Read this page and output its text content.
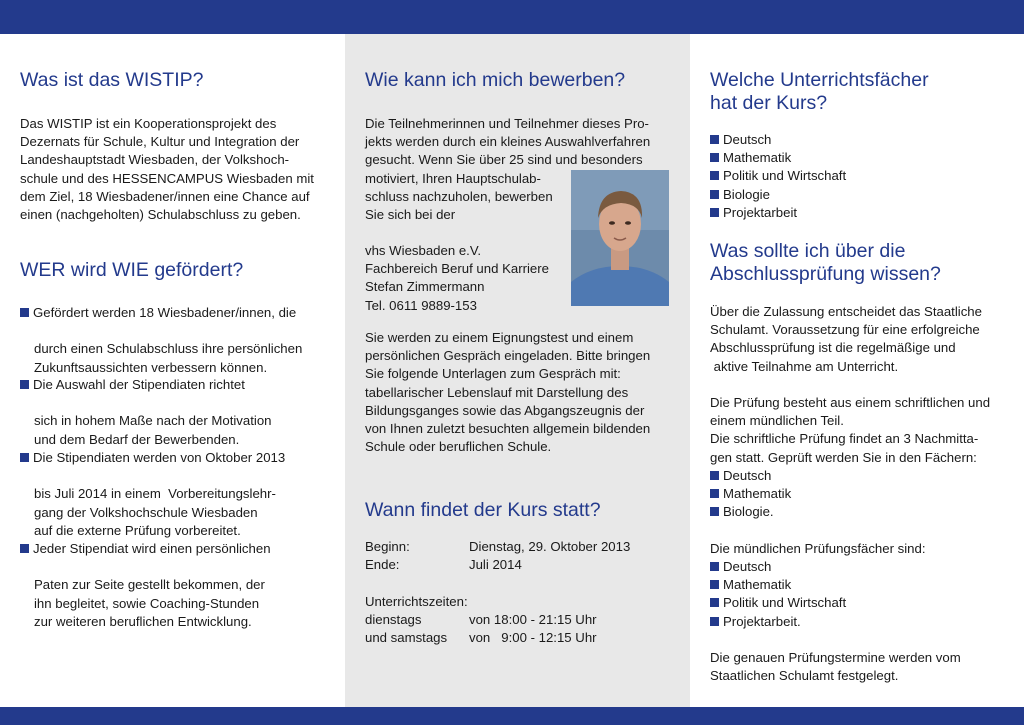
Was ist das WISTIP?

Das WISTIP ist ein Kooperationsprojekt des
Dezernats für Schule, Kultur und Integration der
Landeshauptstadt Wiesbaden, der Volkshoch-
schule und des HESSENCAMPUS Wiesbaden mit
dem Ziel, 18 Wiesbadener/innen eine Chance auf
einen (nachgeholten) Schulabschluss zu geben.

WER wird WIE gefördert?
Gefördert werden 18 Wiesbadener/innen, die

durch einen Schulabschluss ihre persönlichen
Zukunftsaussichten verbessern können.
Die Auswahl der Stipendiaten richtet

sich in hohem Maße nach der Motivation
und dem Bedarf der Bewerbenden.
Die Stipendiaten werden von Oktober 2013

bis Juli 2014 in einem  Vorbereitungslehr-
gang der Volkshochschule Wiesbaden
auf die externe Prüfung vorbereitet.
Jeder Stipendiat wird einen persönlichen

Paten zur Seite gestellt bekommen, der
ihn begleitet, sowie Coaching-Stunden
zur weiteren beruflichen Entwicklung.
Wie kann ich mich bewerben?

Die Teilnehmerinnen und Teilnehmer dieses Pro-
jekts werden durch ein kleines Auswahlverfahren
gesucht. Wenn Sie über 25 sind und besonders
motiviert, Ihren Hauptschulab-
schluss nachzuholen, bewerben
Sie sich bei der

vhs Wiesbaden e.V.
Fachbereich Beruf und Karriere
Stefan Zimmermann
Tel. 0611 9889-153

Sie werden zu einem Eignungstest und einem
persönlichen Gespräch eingeladen. Bitte bringen
Sie folgende Unterlagen zum Gespräch mit:
tabellarischer Lebenslauf mit Darstellung des
Bildungsganges sowie das Abgangszeugnis der
von Ihnen zuletzt besuchten allgemein bildenden
Schule oder beruflichen Schule.

Wann findet der Kurs statt?
Beginn:	Dienstag, 29. Oktober 2013
Ende:	Juli 2014
Unterrichtszeiten:
dienstags	von 18:00 - 21:15 Uhr
und samstags	von   9:00 - 12:15 Uhr
Welche Unterrichtsfächer
hat der Kurs?
Deutsch
Mathematik
Politik und Wirtschaft
Biologie
Projektarbeit
Was sollte ich über die
Abschlussprüfung wissen?

Über die Zulassung entscheidet das Staatliche
Schulamt. Voraussetzung für eine erfolgreiche
Abschlussprüfung ist die regelmäßige und
aktive Teilnahme am Unterricht.

Die Prüfung besteht aus einem schriftlichen und
einem mündlichen Teil.
Die schriftliche Prüfung findet an 3 Nachmitta-
gen statt. Geprüft werden Sie in den Fächern:

Deutsch
Mathematik
Biologie.

Die mündlichen Prüfungsfächer sind:

Deutsch
Mathematik
Politik und Wirtschaft
Projektarbeit.

Die genauen Prüfungstermine werden vom
Staatlichen Schulamt festgelegt.
